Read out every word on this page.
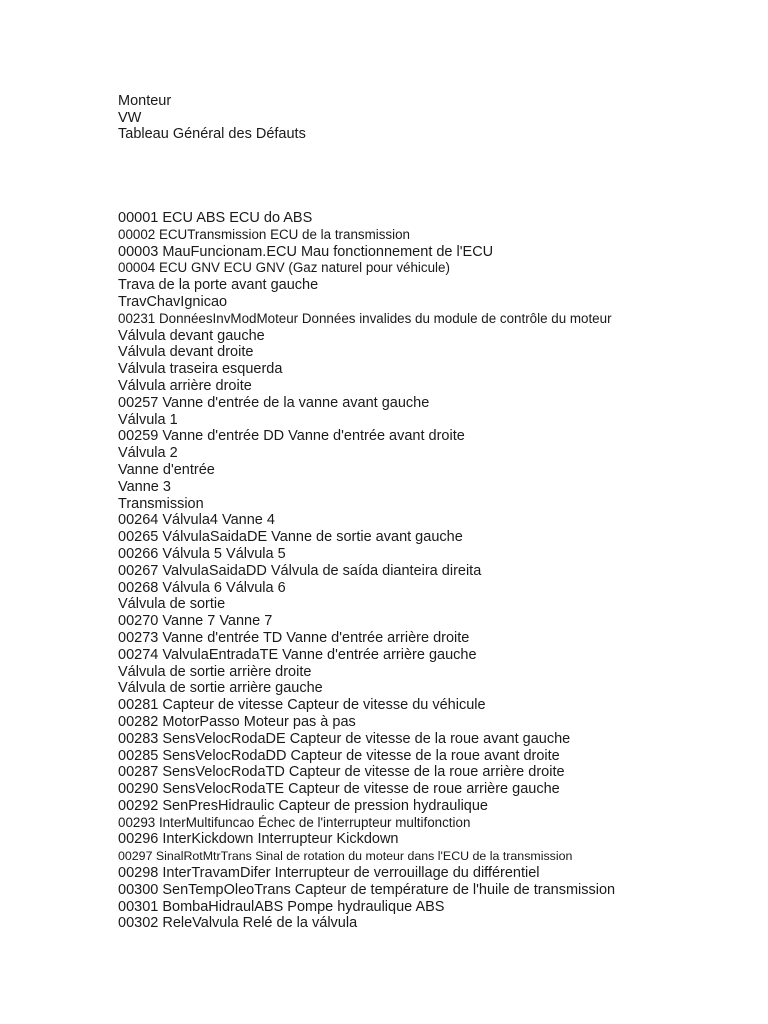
Monteur
VW
Tableau Général des Défauts
00001 ECU ABS ECU do ABS
00002 ECUTransmission ECU de la transmission
00003 MauFuncionam.ECU Mau fonctionnement de l'ECU
00004 ECU GNV ECU GNV (Gaz naturel pour véhicule)
Trava de la porte avant gauche
TravChavIgnicao
00231 DonnéesInvModMoteur Données invalides du module de contrôle du moteur
Válvula devant gauche
Válvula devant droite
Válvula traseira esquerda
Válvula arrière droite
00257 Vanne d'entrée de la vanne avant gauche
Válvula 1
00259 Vanne d'entrée DD Vanne d'entrée avant droite
Válvula 2
Vanne d'entrée
Vanne 3
Transmission
00264 Válvula4 Vanne 4
00265 VálvulaSaidaDE Vanne de sortie avant gauche
00266 Válvula 5 Válvula 5
00267 ValvulaSaidaDD Válvula de saída dianteira direita
00268 Válvula 6 Válvula 6
Válvula de sortie
00270 Vanne 7 Vanne 7
00273 Vanne d'entrée TD Vanne d'entrée arrière droite
00274 ValvulaEntradaTE Vanne d'entrée arrière gauche
Válvula de sortie arrière droite
Válvula de sortie arrière gauche
00281 Capteur de vitesse Capteur de vitesse du véhicule
00282 MotorPasso Moteur pas à pas
00283 SensVelocRodaDE Capteur de vitesse de la roue avant gauche
00285 SensVelocRodaDD Capteur de vitesse de la roue avant droite
00287 SensVelocRodaTD Capteur de vitesse de la roue arrière droite
00290 SensVelocRodaTE Capteur de vitesse de roue arrière gauche
00292 SenPresHidraulic Capteur de pression hydraulique
00293 InterMultifuncao Échec de l'interrupteur multifonction
00296 InterKickdown Interrupteur Kickdown
00297 SinalRotMtrTrans Sinal de rotation du moteur dans l'ECU de la transmission
00298 InterTravamDifer Interrupteur de verrouillage du différentiel
00300 SenTempOleoTrans Capteur de température de l'huile de transmission
00301 BombaHidraulABS Pompe hydraulique ABS
00302 ReleValvula Relé de la válvula
